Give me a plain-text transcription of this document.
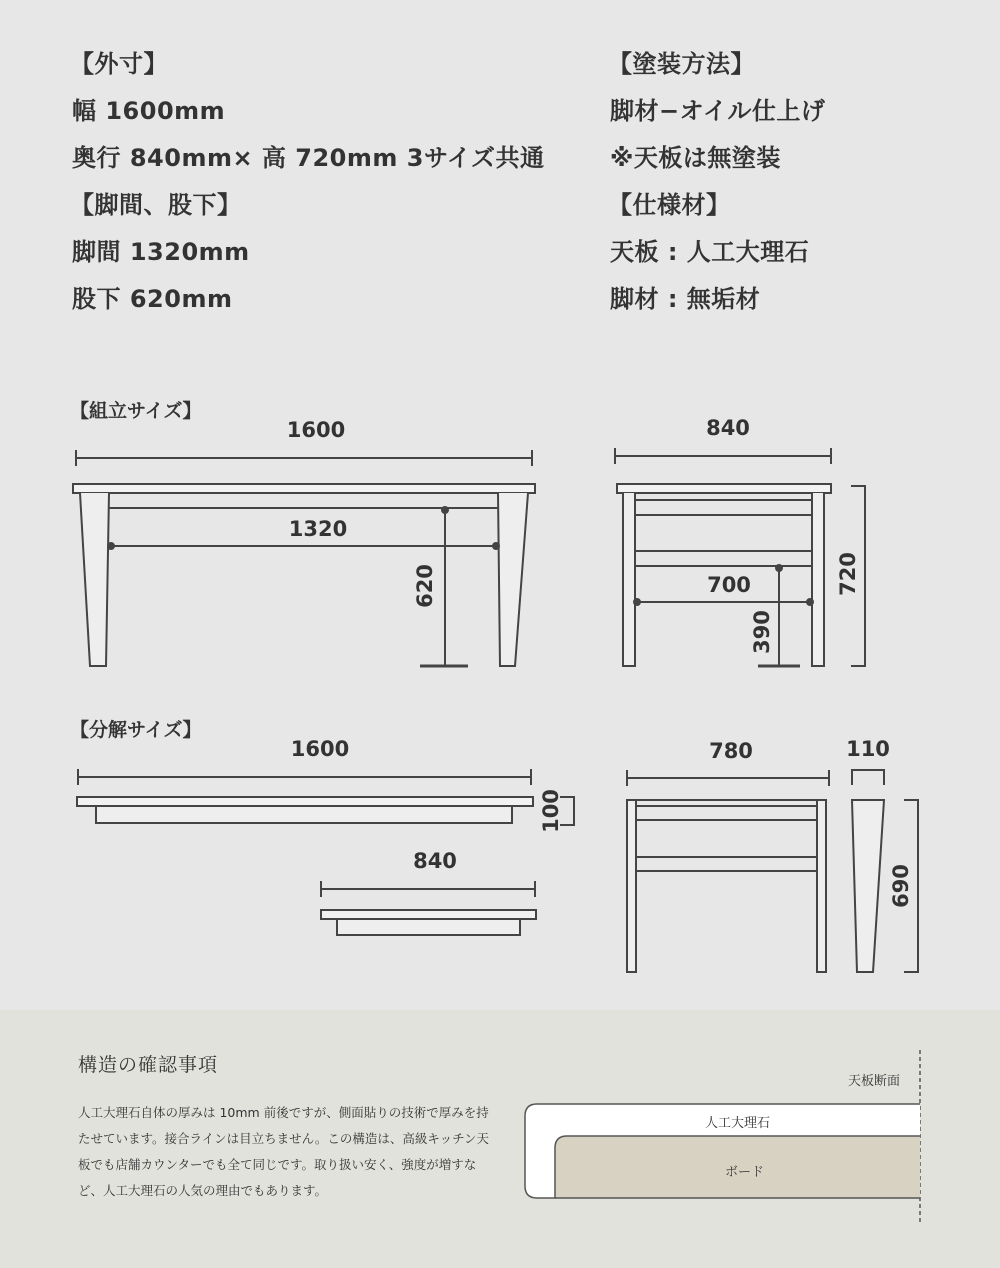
【外寸】
幅 1600mm
奥行 840mm× 高 720mm 3サイズ共通
【脚間、股下】
脚間 1320mm
股下 620mm
【塗装方法】
脚材−オイル仕上げ
※天板は無塗装
【仕様材】
天板 : 人工大理石
脚材 : 無垢材
【組立サイズ】
【分解サイズ】
1600
1320
620
840
700
390
720
1600
100
840
780	110
690
構造の確認事項
人工大理石自体の厚みは 10mm 前後ですが、側面貼りの技術で厚みを持たせています。接合ラインは目立ちません。この構造は、高級キッチン天板でも店舗カウンターでも全て同じです。取り扱い安く、強度が増すなど、人工大理石の人気の理由でもあります。
天板断面
人工大理石
ボード
